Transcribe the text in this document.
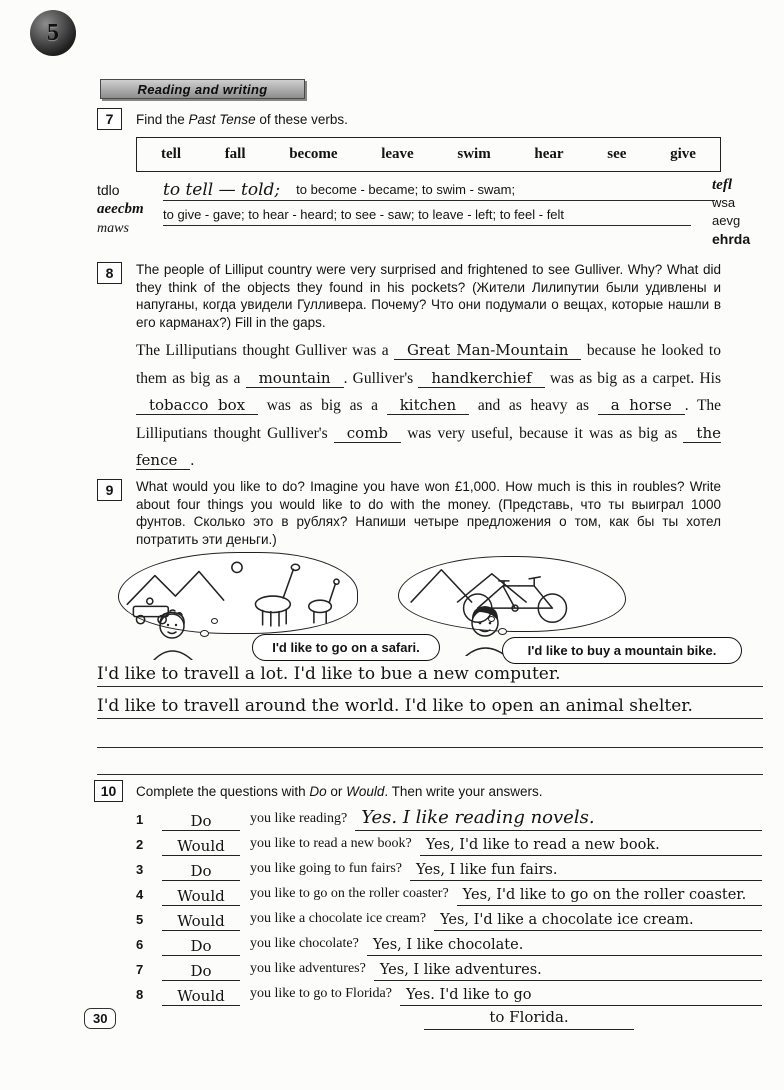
5
Reading and writing
7	Find the Past Tense of these verbs.

tell	fall	become	leave	swim	hear	see	give
to tell — told; to become - became; to swim - swam;
to give - gave; to hear - heard; to see - saw; to leave - left; to feel - felt
tdlo
aeecbm
maws
tefl
wsa
aevg
ehrda
8	The people of Lilliput country were very surprised and frightened to see Gulliver. Why? What did they think of the objects they found in his pockets? (Жители Лилипутии были удивлены и напуганы, когда увидели Гулливера. Почему? Что они подумали о вещах, которые нашли в его карманах?) Fill in the gaps.

The Lilliputians thought Gulliver was a Great Man-Mountain because he looked to them as big as a mountain . Gulliver's handkerchief was as big as a carpet. His tobacco box was as big as a kitchen and as heavy as a horse . The Lilliputians thought Gulliver's comb was very useful, because it was as big as the fence .

9	What would you like to do? Imagine you have won £1,000. How much is this in roubles? Write about four things you would like to do with the money. (Представь, что ты выиграл 1000 фунтов. Сколько это в рублях? Напиши четыре предложения о том, как бы ты хотел потратить эти деньги.)

I'd like to go on a safari.	I'd like to buy a mountain bike.
I'd like to travell a lot. I'd like to bue a new computer.
I'd like to travell around the world. I'd like to open an animal shelter.
10	Complete the questions with Do or Would. Then write your answers.

1	Do	you like reading? Yes. I like reading novels.
2	Would	you like to read a new book? Yes, I'd like to read a new book.
3	Do	you like going to fun fairs? Yes, I like fun fairs.
4	Would	you like to go on the roller coaster? Yes, I'd like to go on the roller coaster.
5	Would	you like a chocolate ice cream? Yes, I'd like a chocolate ice cream.
6	Do	you like chocolate? Yes, I like chocolate.
7	Do	you like adventures? Yes, I like adventures.
8	Would	you like to go to Florida? Yes. I'd like to go
to Florida.
30
